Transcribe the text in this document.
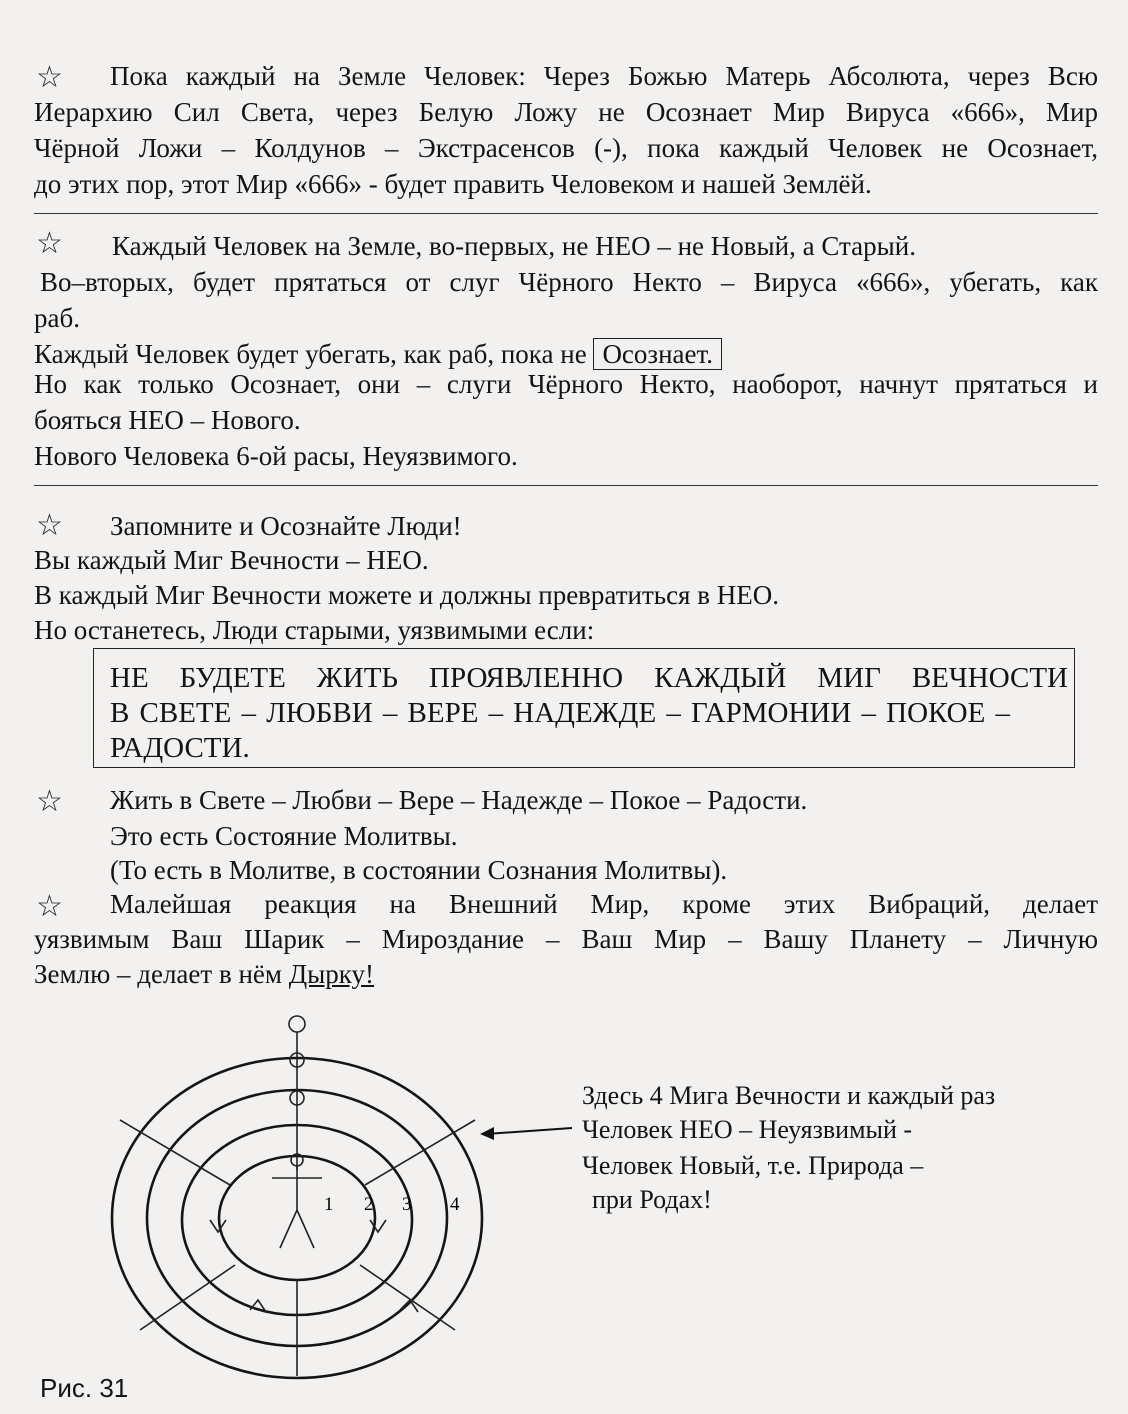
☆ Пока каждый на Земле Человек: Через Божью Матерь Абсолюта, через Всю
Иерархию Сил Света, через Белую Ложу не Осознает Мир Вируса «666», Мир
Чёрной Ложи – Колдунов – Экстрасенсов (-), пока каждый Человек не Осознает,
до этих пор, этот Мир «666» - будет править Человеком и нашей Землёй.
☆ Каждый Человек на Земле, во-первых, не НЕО – не Новый, а Старый.
Во–вторых, будет прятаться от слуг Чёрного Некто – Вируса «666», убегать, как
раб.
Каждый Человек будет убегать, как раб, пока не Осознает.
Но как только Осознает, они – слуги Чёрного Некто, наоборот, начнут прятаться и
бояться НЕО – Нового.
Нового Человека 6-ой расы, Неуязвимого.
☆ Запомните и Осознайте Люди!
Вы каждый Миг Вечности – НЕО.
В каждый Миг Вечности можете и должны превратиться в НЕО.
Но останетесь, Люди старыми, уязвимыми если:
НЕ БУДЕТЕ ЖИТЬ ПРОЯВЛЕННО КАЖДЫЙ МИГ ВЕЧНОСТИ
В СВЕТЕ – ЛЮБВИ – ВЕРЕ – НАДЕЖДЕ – ГАРМОНИИ – ПОКОЕ –
РАДОСТИ.
☆ Жить в Свете – Любви – Вере – Надежде – Покое – Радости.
Это есть Состояние Молитвы.
(То есть в Молитве, в состоянии Сознания Молитвы).
☆ Малейшая реакция на Внешний Мир, кроме этих Вибраций, делает
уязвимым Ваш Шарик – Мироздание – Ваш Мир – Вашу Планету – Личную
Землю – делает в нём Дырку!
1 2 3 4
Здесь 4 Мига Вечности и каждый раз
Человек НЕО – Неуязвимый -
Человек Новый, т.е. Природа –
при Родах!
Рис. 31
